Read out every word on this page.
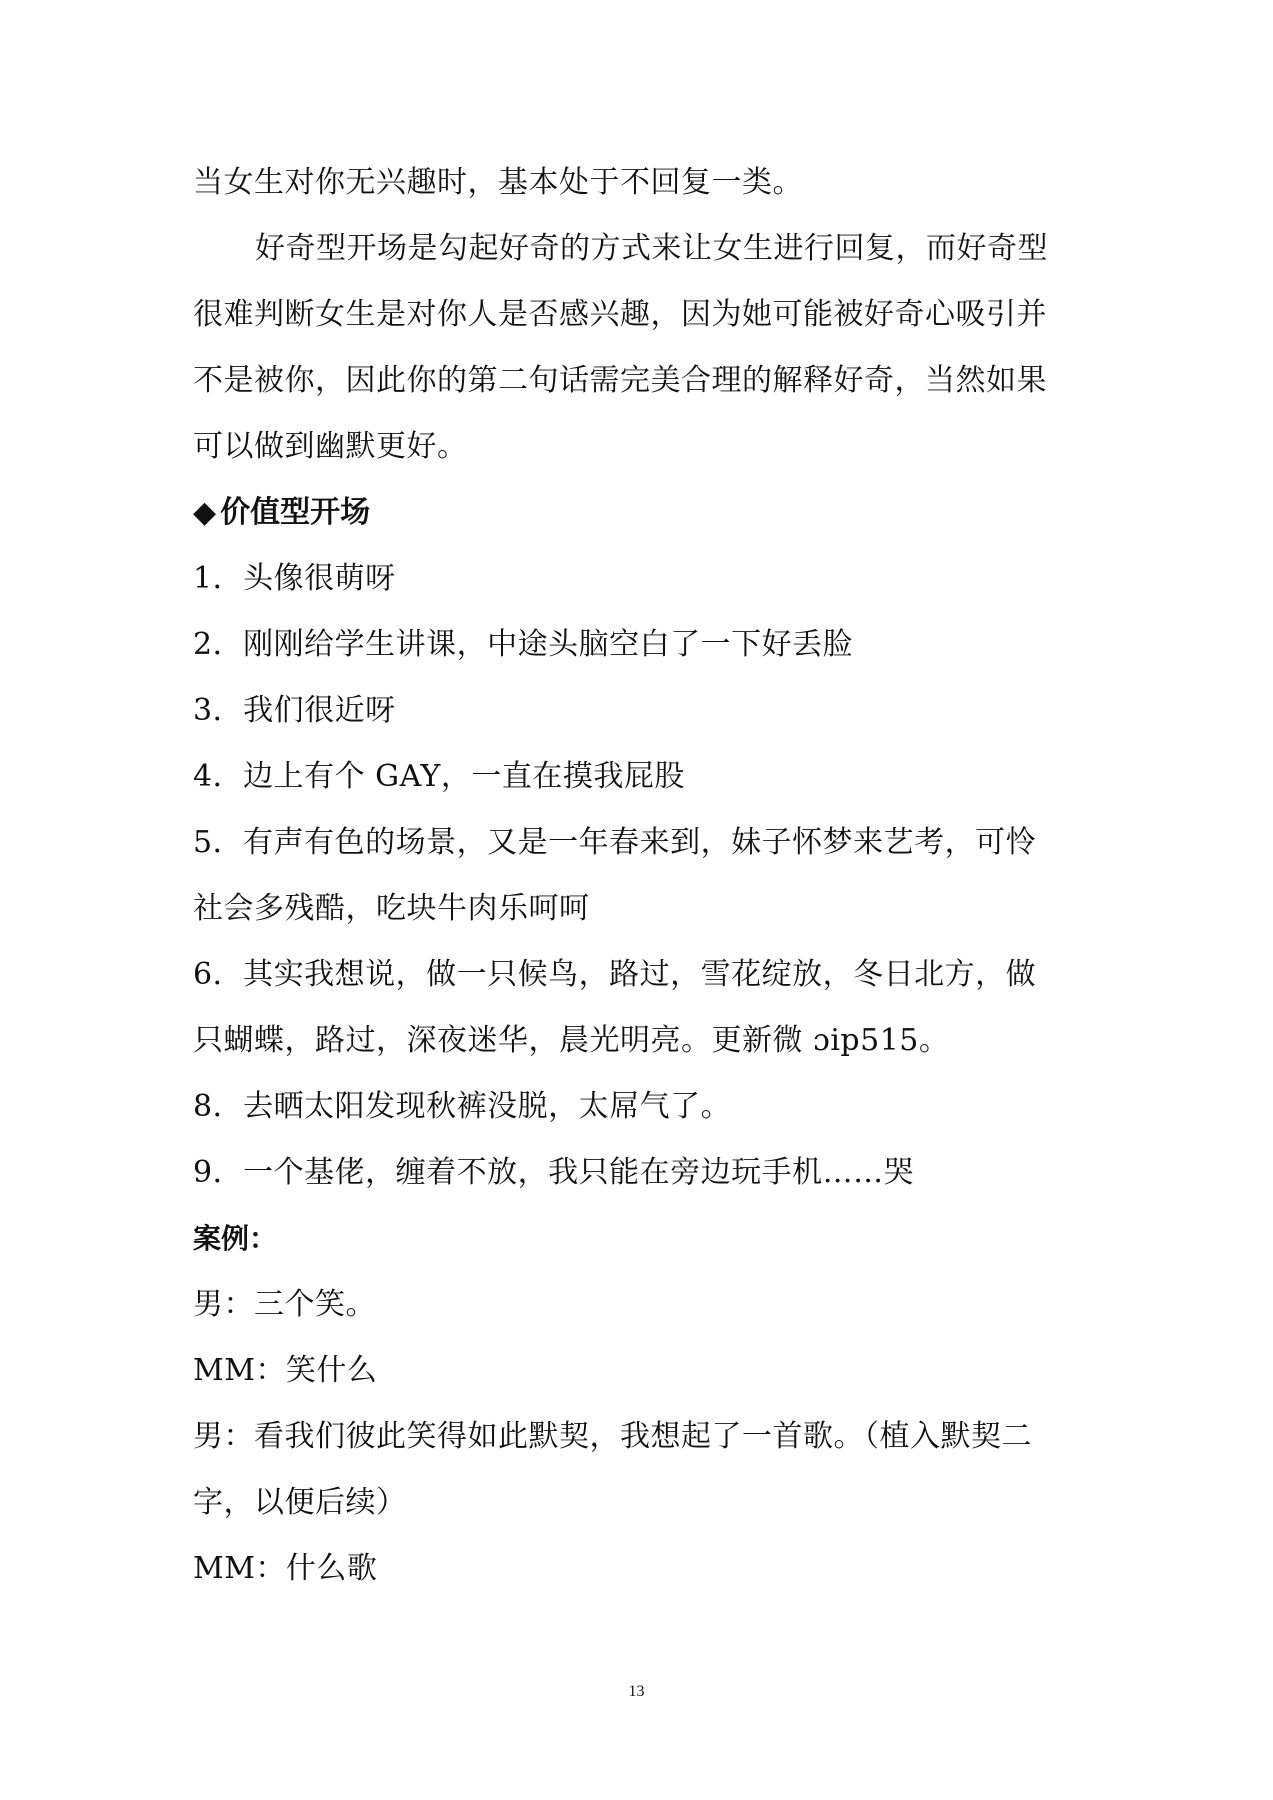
当女生对你无兴趣时，基本处于不回复一类。
好奇型开场是勾起好奇的方式来让女生进行回复，而好奇型
很难判断女生是对你人是否感兴趣，因为她可能被好奇心吸引并
不是被你，因此你的第二句话需完美合理的解释好奇，当然如果
可以做到幽默更好。
◆ 价值型开场
1．头像很萌呀
2．刚刚给学生讲课，中途头脑空白了一下好丢脸
3．我们很近呀
4．边上有个 GAY，一直在摸我屁股
5．有声有色的场景，又是一年春来到，妹子怀梦来艺考，可怜
社会多残酷，吃块牛肉乐呵呵
6．其实我想说，做一只候鸟，路过，雪花绽放，冬日北方，做
只蝴蝶，路过，深夜迷华，晨光明亮。更新微 ɔip515。
8．去晒太阳发现秋裤没脱，太屌气了。
9．一个基佬，缠着不放，我只能在旁边玩手机……哭
案例：
男：三个笑。
MM：笑什么
男：看我们彼此笑得如此默契，我想起了一首歌。（植入默契二
字，以便后续）
MM：什么歌
13
